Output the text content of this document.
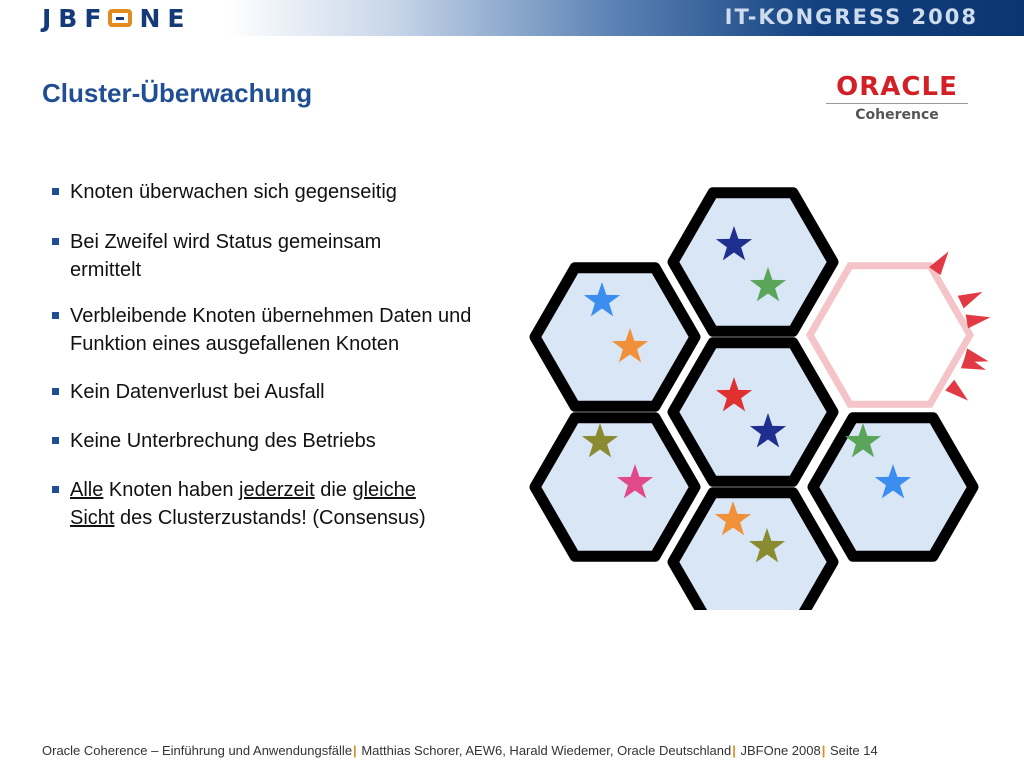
JBF NE	IT-KONGRESS 2008
Cluster-Überwachung	ORACLE
Coherence
Knoten überwachen sich gegenseitig
Bei Zweifel wird Status gemeinsam ermittelt
Verbleibende Knoten übernehmen Daten und Funktion eines ausgefallenen Knoten
Kein Datenverlust bei Ausfall
Keine Unterbrechung des Betriebs
Alle Knoten haben jederzeit die gleiche
Sicht des Clusterzustands! (Consensus)
Oracle Coherence – Einführung und Anwendungsfälle| Matthias Schorer, AEW6, Harald Wiedemer, Oracle Deutschland| JBFOne 2008| Seite 14
